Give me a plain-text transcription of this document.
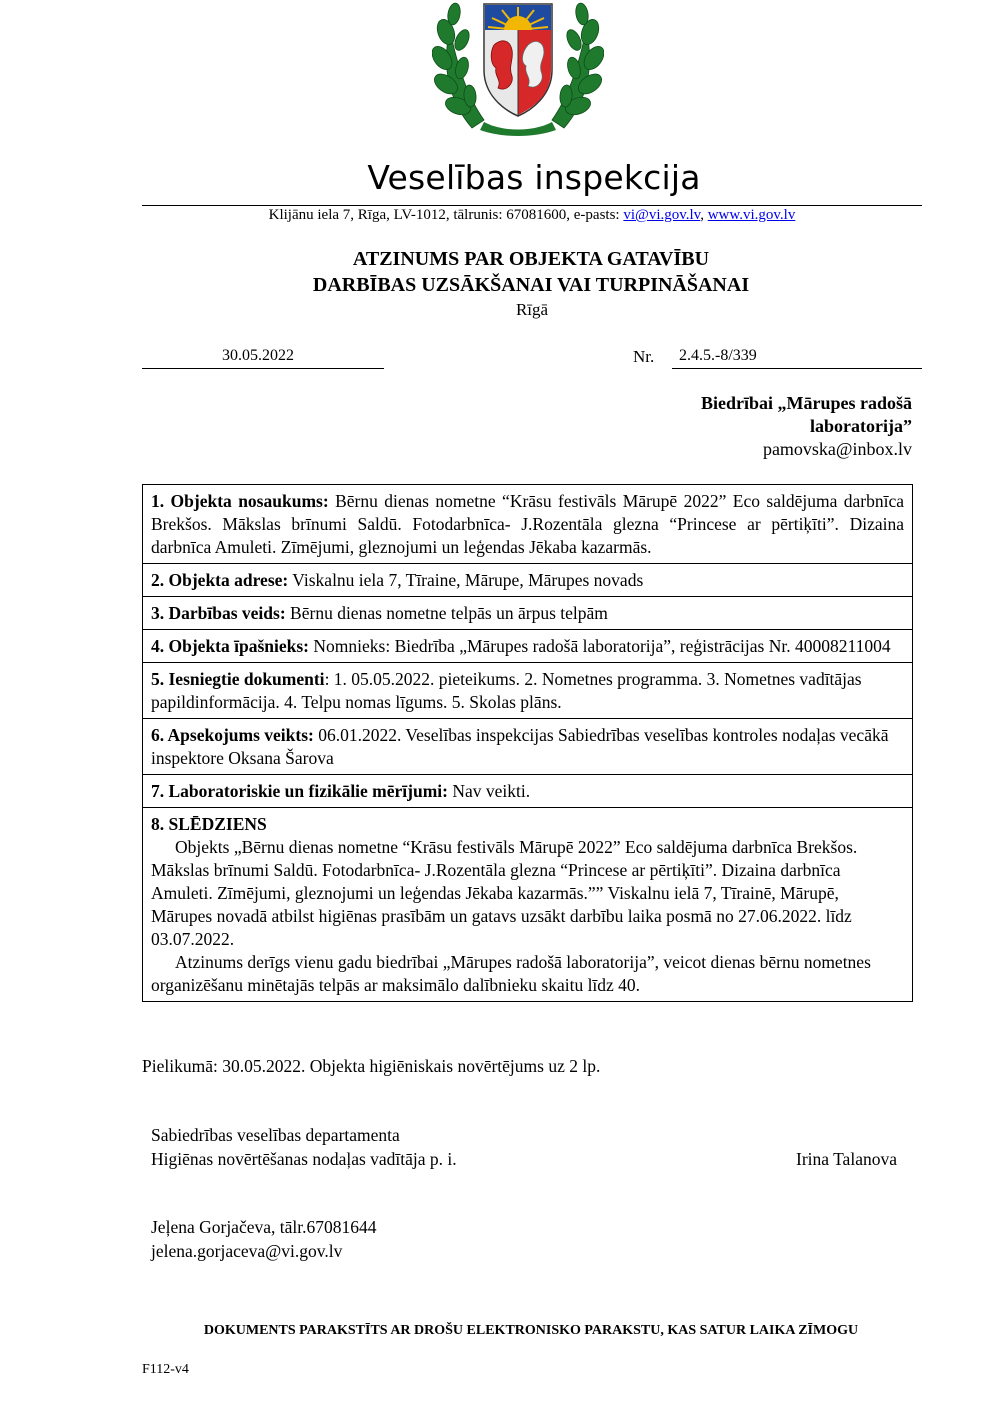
Veselības inspekcija
Klijānu iela 7, Rīga, LV-1012, tālrunis: 67081600, e-pasts: vi@vi.gov.lv, www.vi.gov.lv
ATZINUMS PAR OBJEKTA GATAVĪBU
DARBĪBAS UZSĀKŠANAI VAI TURPINĀŠANAI
Rīgā
30.05.2022	Nr. 2.4.5.-8/339
Biedrībai „Mārupes radošā
laboratorija”
pamovska@inbox.lv
1. Objekta nosaukums: Bērnu dienas nometne “Krāsu festivāls Mārupē 2022” Eco saldējuma darbnīca Brekšos. Mākslas brīnumi Saldū. Fotodarbnīca- J.Rozentāla glezna “Princese ar pērtiķīti”. Dizaina darbnīca Amuleti. Zīmējumi, gleznojumi un leģendas Jēkaba kazarmās.
2. Objekta adrese: Viskalnu iela 7, Tīraine, Mārupe, Mārupes novads
3. Darbības veids: Bērnu dienas nometne telpās un ārpus telpām
4. Objekta īpašnieks: Nomnieks: Biedrība „Mārupes radošā laboratorija”, reģistrācijas Nr. 40008211004
5. Iesniegtie dokumenti: 1. 05.05.2022. pieteikums. 2. Nometnes programma. 3. Nometnes vadītājas papildinformācija. 4. Telpu nomas līgums. 5. Skolas plāns.
6. Apsekojums veikts: 06.01.2022. Veselības inspekcijas Sabiedrības veselības kontroles nodaļas vecākā inspektore Oksana Šarova
7. Laboratoriskie un fizikālie mērījumi: Nav veikti.

8. SLĒDZIENS

Objekts „Bērnu dienas nometne “Krāsu festivāls Mārupē 2022” Eco saldējuma darbnīca Brekšos. Mākslas brīnumi Saldū. Fotodarbnīca- J.Rozentāla glezna “Princese ar pērtiķīti”. Dizaina darbnīca Amuleti. Zīmējumi, gleznojumi un leģendas Jēkaba kazarmās.”” Viskalnu ielā 7, Tīrainē, Mārupē, Mārupes novadā atbilst higiēnas prasībām un gatavs uzsākt darbību laika posmā no 27.06.2022. līdz 03.07.2022.

Atzinums derīgs vienu gadu biedrībai „Mārupes radošā laboratorija”, veicot dienas bērnu nometnes organizēšanu minētajās telpās ar maksimālo dalībnieku skaitu līdz 40.

Pielikumā: 30.05.2022. Objekta higiēniskais novērtējums uz 2 lp.
Sabiedrības veselības departamenta
Higiēnas novērtēšanas nodaļas vadītāja p. i.	Irina Talanova
Jeļena Gorjačeva, tālr.67081644
jelena.gorjaceva@vi.gov.lv
DOKUMENTS PARAKSTĪTS AR DROŠU ELEKTRONISKO PARAKSTU, KAS SATUR LAIKA ZĪMOGU
F112-v4
